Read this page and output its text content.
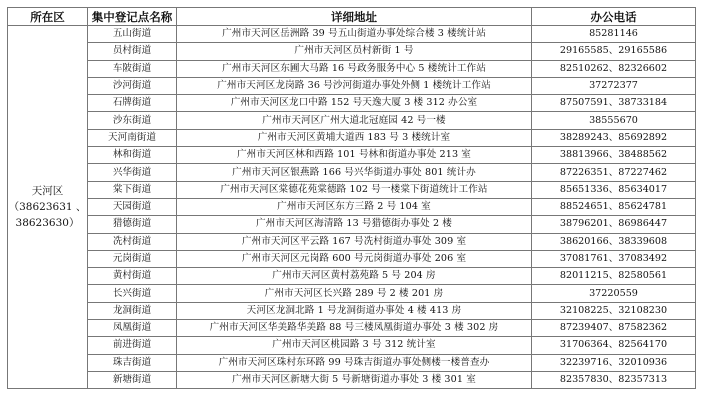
所在区	集中登记点名称	详细地址	办公电话

天河区
（38623631 、
38623630）	五山街道	广州市天河区岳洲路 39 号五山街道办事处综合楼 3 楼统计站	85281146
	员村街道	广州市天河区员村新街 1 号	29165585、29165586
	车陂街道	广州市天河区东圃大马路 16 号政务服务中心 5 楼统计工作站	82510262、82326602
	沙河街道	广州市天河区龙岗路 36 号沙河街道办事处外侧 1 楼统计工作站	37272377
	石牌街道	广州市天河区龙口中路 152 号天逸大厦 3 楼 312 办公室	87507591、38733184
	沙东街道	广州市天河区广州大道北冠庭园 42 号一楼	38555670
	天河南街道	广州市天河区黄埔大道西 183 号 3 楼统计室	38289243、85692892
	林和街道	广州市天河区林和西路 101 号林和街道办事处 213 室	38813966、38488562
	兴华街道	广州市天河区银燕路 166 号兴华街道办事处 801 统计办	87226351、87227462
	棠下街道	广州市天河区棠德花苑棠德路 102 号一楼棠下街道统计工作站	85651336、85634017
	天园街道	广州市天河区东方三路 2 号 104 室	88524651、85624781
	猎德街道	广州市天河区海清路 13 号猎德街办事处 2 楼	38796201、86986447
	冼村街道	广州市天河区平云路 167 号冼村街道办事处 309 室	38620166、38339608
	元岗街道	广州市天河区元岗路 600 号元岗街道办事处 206 室	37081761、37083492
	黄村街道	广州市天河区黄村荔苑路 5 号 204 房	82011215、82580561
	长兴街道	广州市天河区长兴路 289 号 2 楼 201 房	37220559
	龙洞街道	天河区龙洞北路 1 号龙洞街道办事处 4 楼 413 房	32108225、32108230
	凤凰街道	广州市天河区华美路华美路 88 号三楼凤凰街道办事处 3 楼 302 房	87239407、87582362
	前进街道	广州市天河区桃园路 3 号 312 统计室	31706364、82564170
	珠吉街道	广州市天河区珠村东环路 99 号珠吉街道办事处侧楼一楼普查办	32239716、32010936
	新塘街道	广州市天河区新塘大街 5 号新塘街道办事处 3 楼 301 室	82357830、82357313
